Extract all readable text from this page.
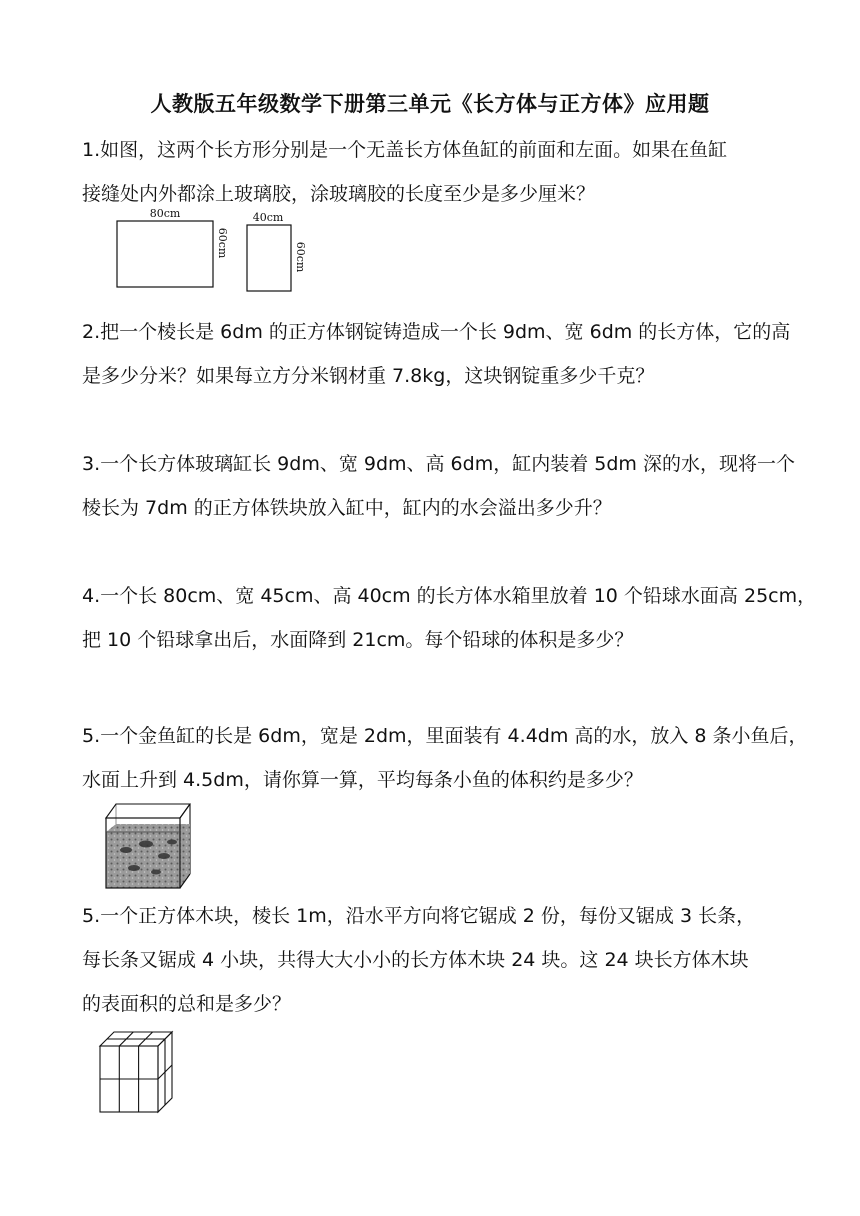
人教版五年级数学下册第三单元《长方体与正方体》应用题
1.如图，这两个长方形分别是一个无盖长方体鱼缸的前面和左面。如果在鱼缸
接缝处内外都涂上玻璃胶，涂玻璃胶的长度至少是多少厘米？
80cm
60cm
40cm
60cm
2.把一个棱长是 6dm 的正方体钢锭铸造成一个长 9dm、宽 6dm 的长方体，它的高
是多少分米？如果每立方分米钢材重 7.8kg，这块钢锭重多少千克？
3.一个长方体玻璃缸长 9dm、宽 9dm、高 6dm，缸内装着 5dm 深的水，现将一个
棱长为 7dm 的正方体铁块放入缸中，缸内的水会溢出多少升？
4.一个长 80cm、宽 45cm、高 40cm 的长方体水箱里放着 10 个铅球水面高 25cm，
把 10 个铅球拿出后，水面降到 21cm。每个铅球的体积是多少？
5.一个金鱼缸的长是 6dm，宽是 2dm，里面装有 4.4dm 高的水，放入 8 条小鱼后，
水面上升到 4.5dm，请你算一算，平均每条小鱼的体积约是多少？
5.一个正方体木块，棱长 1m，沿水平方向将它锯成 2 份，每份又锯成 3 长条，
每长条又锯成 4 小块，共得大大小小的长方体木块 24 块。这 24 块长方体木块
的表面积的总和是多少？
